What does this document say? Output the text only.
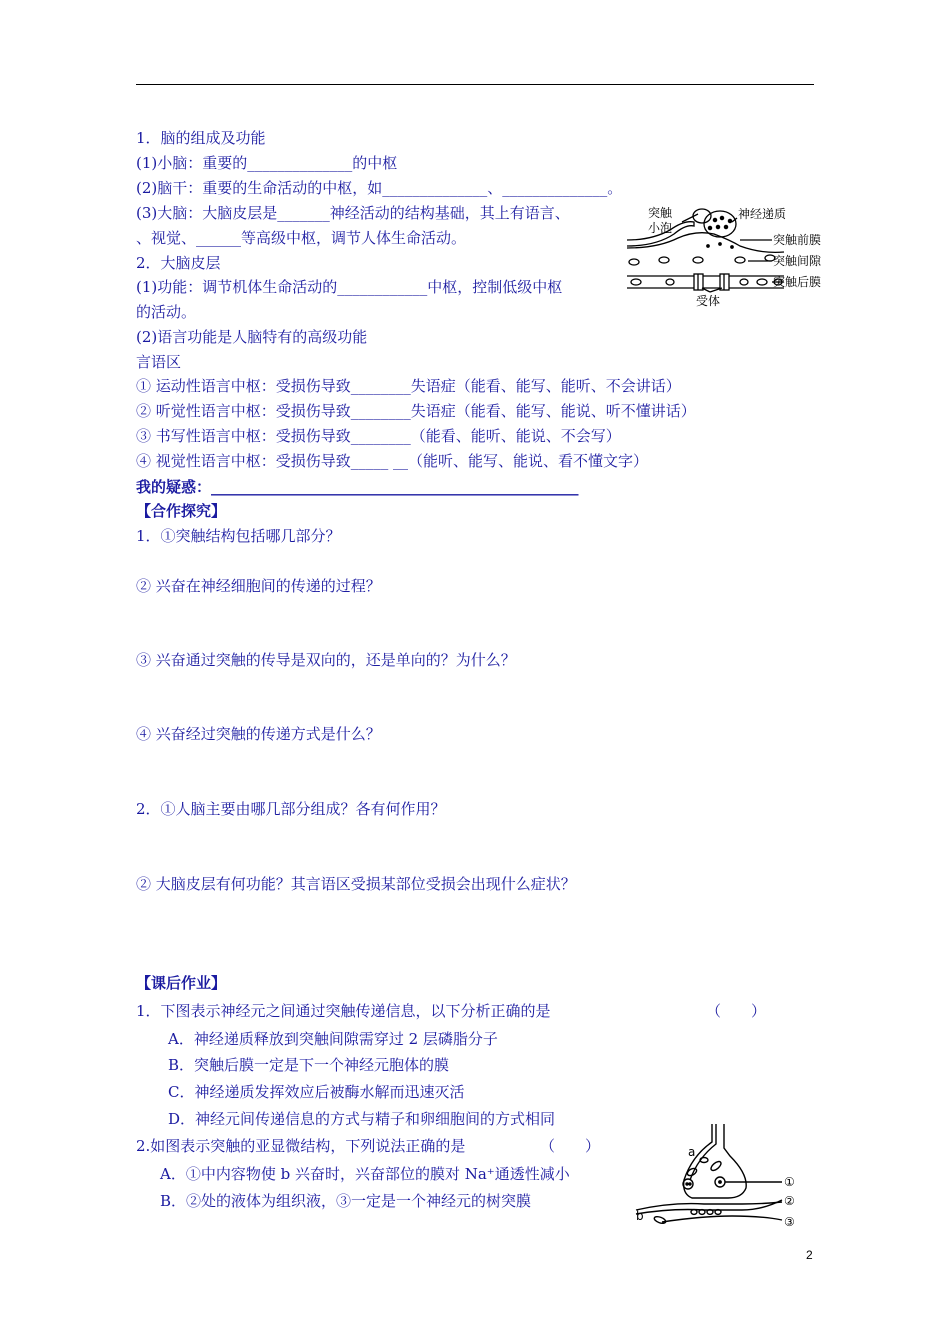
1．脑的组成及功能
(1)小脑：重要的______________的中枢
(2)脑干：重要的生命活动的中枢，如______________、______________。
(3)大脑：大脑皮层是_______神经活动的结构基础，其上有语言、
、视觉、______等高级中枢，调节人体生命活动。
2．大脑皮层
(1)功能：调节机体生命活动的____________中枢，控制低级中枢
的活动。
(2)语言功能是人脑特有的高级功能
言语区
① 运动性语言中枢：受损伤导致________失语症（能看、能写、能听、不会讲话）
② 听觉性语言中枢：受损伤导致________失语症（能看、能写、能说、听不懂讲话）
③ 书写性语言中枢：受损伤导致________（能看、能听、能说、不会写）
④ 视觉性语言中枢：受损伤导致_____ __（能听、能写、能说、看不懂文字）
我的疑惑：_________________________________________________
【合作探究】
1．①突触结构包括哪几部分？
② 兴奋在神经细胞间的传递的过程？
③ 兴奋通过突触的传导是双向的，还是单向的？为什么？
④ 兴奋经过突触的传递方式是什么？
2．①人脑主要由哪几部分组成？各有何作用？
② 大脑皮层有何功能？其言语区受损某部位受损会出现什么症状？
【课后作业】
1．下图表示神经元之间通过突触传递信息，以下分析正确的是	（　　）
A．神经递质释放到突触间隙需穿过 2 层磷脂分子
B．突触后膜一定是下一个神经元胞体的膜
C．神经递质发挥效应后被酶水解而迅速灭活
D．神经元间传递信息的方式与精子和卵细胞间的方式相同
2.如图表示突触的亚显微结构，下列说法正确的是	（　　）
A．①中内容物使 b 兴奋时，兴奋部位的膜对 Na⁺通透性减小
B．②处的液体为组织液，③一定是一个神经元的树突膜
突触
小泡
神经递质
突触前膜
突触间隙
突触后膜
受体
a
b
①
②
③
2
